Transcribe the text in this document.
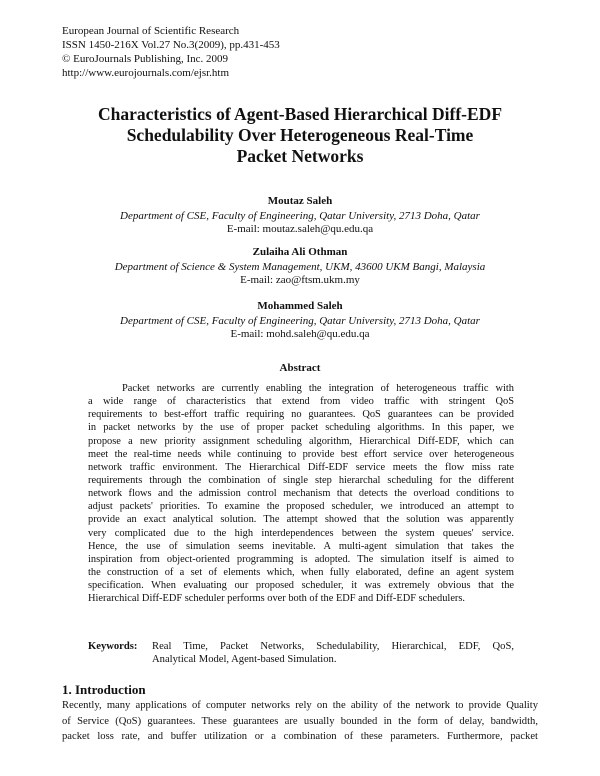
European Journal of Scientific Research
ISSN 1450-216X Vol.27 No.3(2009), pp.431-453
© EuroJournals Publishing, Inc. 2009
http://www.eurojournals.com/ejsr.htm
Characteristics of Agent-Based Hierarchical Diff-EDF
Schedulability Over Heterogeneous Real-Time
Packet Networks
Moutaz Saleh
Department of CSE, Faculty of Engineering, Qatar University, 2713 Doha, Qatar
E-mail: moutaz.saleh@qu.edu.qa
Zulaiha Ali Othman
Department of Science & System Management, UKM, 43600 UKM Bangi, Malaysia
E-mail: zao@ftsm.ukm.my
Mohammed Saleh
Department of CSE, Faculty of Engineering, Qatar University, 2713 Doha, Qatar
E-mail: mohd.saleh@qu.edu.qa
Abstract
Packet networks are currently enabling the integration of heterogeneous traffic with
a wide range of characteristics that extend from video traffic with stringent QoS
requirements to best-effort traffic requiring no guarantees. QoS guarantees can be provided
in packet networks by the use of proper packet scheduling algorithms. In this paper, we
propose a new priority assignment scheduling algorithm, Hierarchical Diff-EDF, which can
meet the real-time needs while continuing to provide best effort service over heterogeneous
network traffic environment. The Hierarchical Diff-EDF service meets the flow miss rate
requirements through the combination of single step hierarchal scheduling for the different
network flows and the admission control mechanism that detects the overload conditions to
adjust packets' priorities. To examine the proposed scheduler, we introduced an attempt to
provide an exact analytical solution. The attempt showed that the solution was apparently
very complicated due to the high interdependences between the system queues' service.
Hence, the use of simulation seems inevitable. A multi-agent simulation that takes the
inspiration from object-oriented programming is adopted. The simulation itself is aimed to
the construction of a set of elements which, when fully elaborated, define an agent system
specification. When evaluating our proposed scheduler, it was extremely obvious that the
Hierarchical Diff-EDF scheduler performs over both of the EDF and Diff-EDF schedulers.
Keywords: Real Time, Packet Networks, Schedulability, Hierarchical, EDF, QoS,
Analytical Model, Agent-based Simulation.
1. Introduction
Recently, many applications of computer networks rely on the ability of the network to provide Quality
of Service (QoS) guarantees. These guarantees are usually bounded in the form of delay, bandwidth,
packet loss rate, and buffer utilization or a combination of these parameters. Furthermore, packet
